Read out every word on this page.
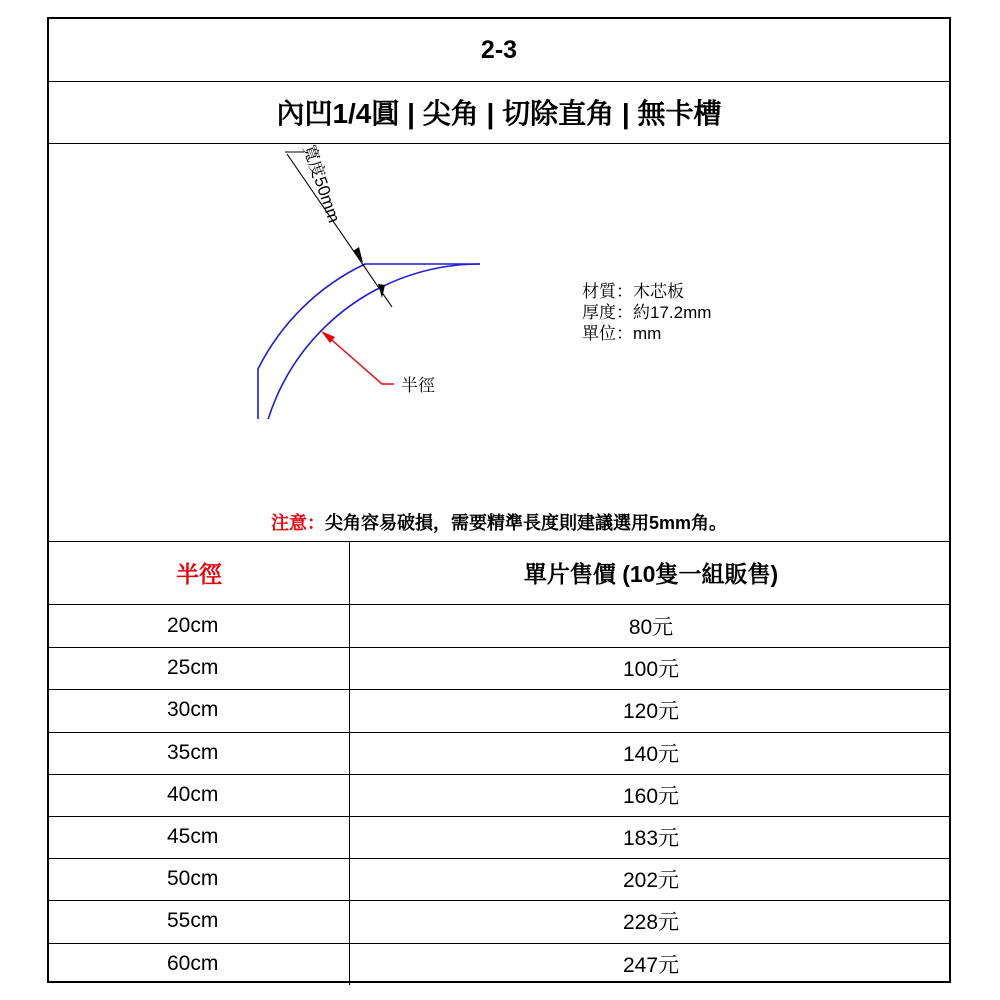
2-3
內凹1/4圓 | 尖角 | 切除直角 | 無卡槽
寬度50mm
半徑
材質：木芯板
厚度：約17.2mm
單位：mm
注意：尖角容易破損，需要精準長度則建議選用5mm角。
半徑	單片售價 (10隻一組販售)
20cm	80元
25cm	100元
30cm	120元
35cm	140元
40cm	160元
45cm	183元
50cm	202元
55cm	228元
60cm	247元
